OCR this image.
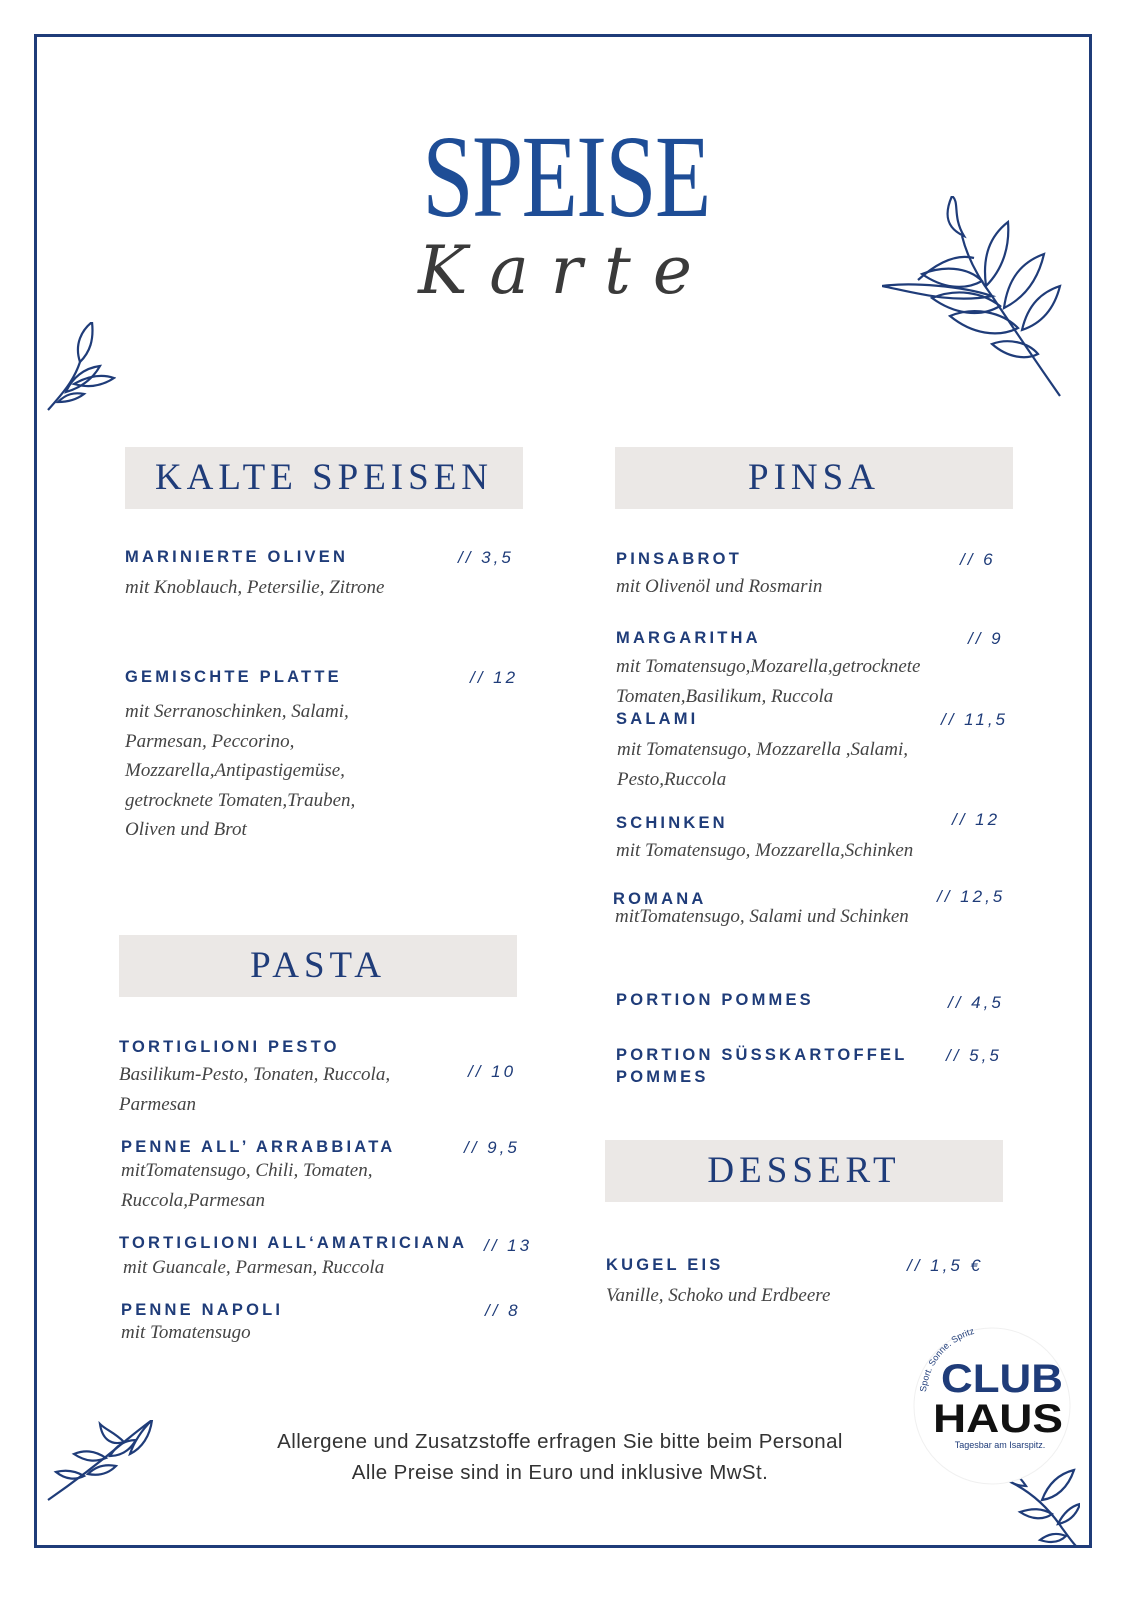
SPEISE
Karte
KALTE SPEISEN
MARINIERTE OLIVEN	// 3,5
mit Knoblauch, Petersilie, Zitrone
GEMISCHTE PLATTE	// 12
mit Serranoschinken, Salami, Parmesan, Peccorino, Mozzarella,Antipastigemüse, getrocknete Tomaten,Trauben, Oliven und Brot
PASTA
TORTIGLIONI PESTO
// 10
Basilikum-Pesto, Tonaten, Ruccola, Parmesan
PENNE ALL’ ARRABBIATA	// 9,5
mitTomatensugo, Chili, Tomaten, Ruccola,Parmesan
TORTIGLIONI ALL‘AMATRICIANA // 13
mit Guancale, Parmesan, Ruccola
PENNE NAPOLI	// 8
mit Tomatensugo
PINSA
PINSABROT	// 6
mit Olivenöl und Rosmarin
MARGARITHA	// 9
mit Tomatensugo,Mozarella,getrocknete Tomaten,Basilikum, Ruccola
SALAMI	// 11,5
mit Tomatensugo, Mozzarella ,Salami, Pesto,Ruccola
SCHINKEN	// 12
mit Tomatensugo, Mozzarella,Schinken
ROMANA	// 12,5
mitTomatensugo, Salami und Schinken
PORTION POMMES	// 4,5
PORTION SÜSSKARTOFFEL POMMES
// 5,5
DESSERT
KUGEL EIS	// 1,5 €
Vanille, Schoko und Erdbeere
Allergene und Zusatzstoffe erfragen Sie bitte beim Personal
Alle Preise sind in Euro und inklusive MwSt.
Sport. Sonne. Spritz
CLUB
HAUS
Tagesbar am Isarspitz.
